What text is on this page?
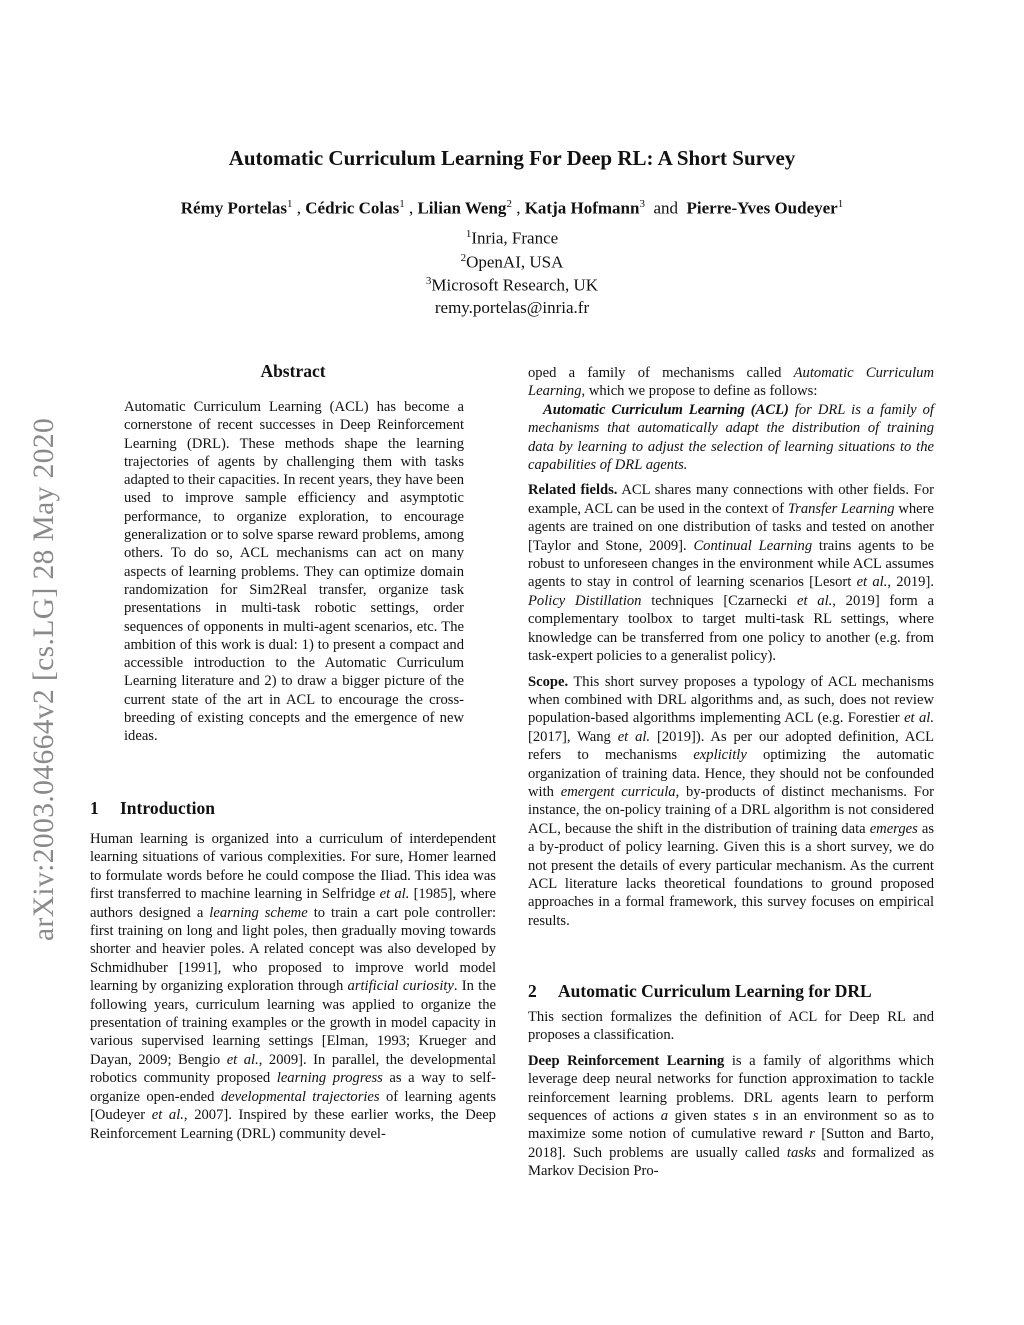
arXiv:2003.04664v2 [cs.LG] 28 May 2020
Automatic Curriculum Learning For Deep RL: A Short Survey
Rémy Portelas$^1$ , Cédric Colas$^1$ , Lilian Weng$^2$ , Katja Hofmann$^3$ and Pierre-Yves Oudeyer$^1$
$^1$Inria, France
$^2$OpenAI, USA
$^3$Microsoft Research, UK
remy.portelas@inria.fr
Abstract
Automatic Curriculum Learning (ACL) has become a cornerstone of recent successes in Deep Reinforcement Learning (DRL). These methods shape the learning trajectories of agents by challenging them with tasks adapted to their capacities. In recent years, they have been used to improve sample efficiency and asymptotic performance, to organize exploration, to encourage generalization or to solve sparse reward problems, among others. To do so, ACL mechanisms can act on many aspects of learning problems. They can optimize domain randomization for Sim2Real transfer, organize task presentations in multi-task robotic settings, order sequences of opponents in multi-agent scenarios, etc. The ambition of this work is dual: 1) to present a compact and accessible introduction to the Automatic Curriculum Learning literature and 2) to draw a bigger picture of the current state of the art in ACL to encourage the cross-breeding of existing concepts and the emergence of new ideas.
1 Introduction

Human learning is organized into a curriculum of interdependent learning situations of various complexities. For sure, Homer learned to formulate words before he could compose the Iliad. This idea was first transferred to machine learning in Selfridge et al. [1985], where authors designed a learning scheme to train a cart pole controller: first training on long and light poles, then gradually moving towards shorter and heavier poles. A related concept was also developed by Schmidhuber [1991], who proposed to improve world model learning by organizing exploration through artificial curiosity. In the following years, curriculum learning was applied to organize the presentation of training examples or the growth in model capacity in various supervised learning settings [Elman, 1993; Krueger and Dayan, 2009; Bengio et al., 2009]. In parallel, the developmental robotics community proposed learning progress as a way to self-organize open-ended developmental trajectories of learning agents [Oudeyer et al., 2007]. Inspired by these earlier works, the Deep Reinforcement Learning (DRL) community devel-

oped a family of mechanisms called Automatic Curriculum Learning, which we propose to define as follows:

Automatic Curriculum Learning (ACL) for DRL is a family of mechanisms that automatically adapt the distribution of training data by learning to adjust the selection of learning situations to the capabilities of DRL agents.

Related fields. ACL shares many connections with other fields. For example, ACL can be used in the context of Transfer Learning where agents are trained on one distribution of tasks and tested on another [Taylor and Stone, 2009]. Continual Learning trains agents to be robust to unforeseen changes in the environment while ACL assumes agents to stay in control of learning scenarios [Lesort et al., 2019]. Policy Distillation techniques [Czarnecki et al., 2019] form a complementary toolbox to target multi-task RL settings, where knowledge can be transferred from one policy to another (e.g. from task-expert policies to a generalist policy).

Scope. This short survey proposes a typology of ACL mechanisms when combined with DRL algorithms and, as such, does not review population-based algorithms implementing ACL (e.g. Forestier et al. [2017], Wang et al. [2019]). As per our adopted definition, ACL refers to mechanisms explicitly optimizing the automatic organization of training data. Hence, they should not be confounded with emergent curricula, by-products of distinct mechanisms. For instance, the on-policy training of a DRL algorithm is not considered ACL, because the shift in the distribution of training data emerges as a by-product of policy learning. Given this is a short survey, we do not present the details of every particular mechanism. As the current ACL literature lacks theoretical foundations to ground proposed approaches in a formal framework, this survey focuses on empirical results.

2 Automatic Curriculum Learning for DRL

This section formalizes the definition of ACL for Deep RL and proposes a classification.

Deep Reinforcement Learning is a family of algorithms which leverage deep neural networks for function approximation to tackle reinforcement learning problems. DRL agents learn to perform sequences of actions a given states s in an environment so as to maximize some notion of cumulative reward r [Sutton and Barto, 2018]. Such problems are usually called tasks and formalized as Markov Decision Pro-
